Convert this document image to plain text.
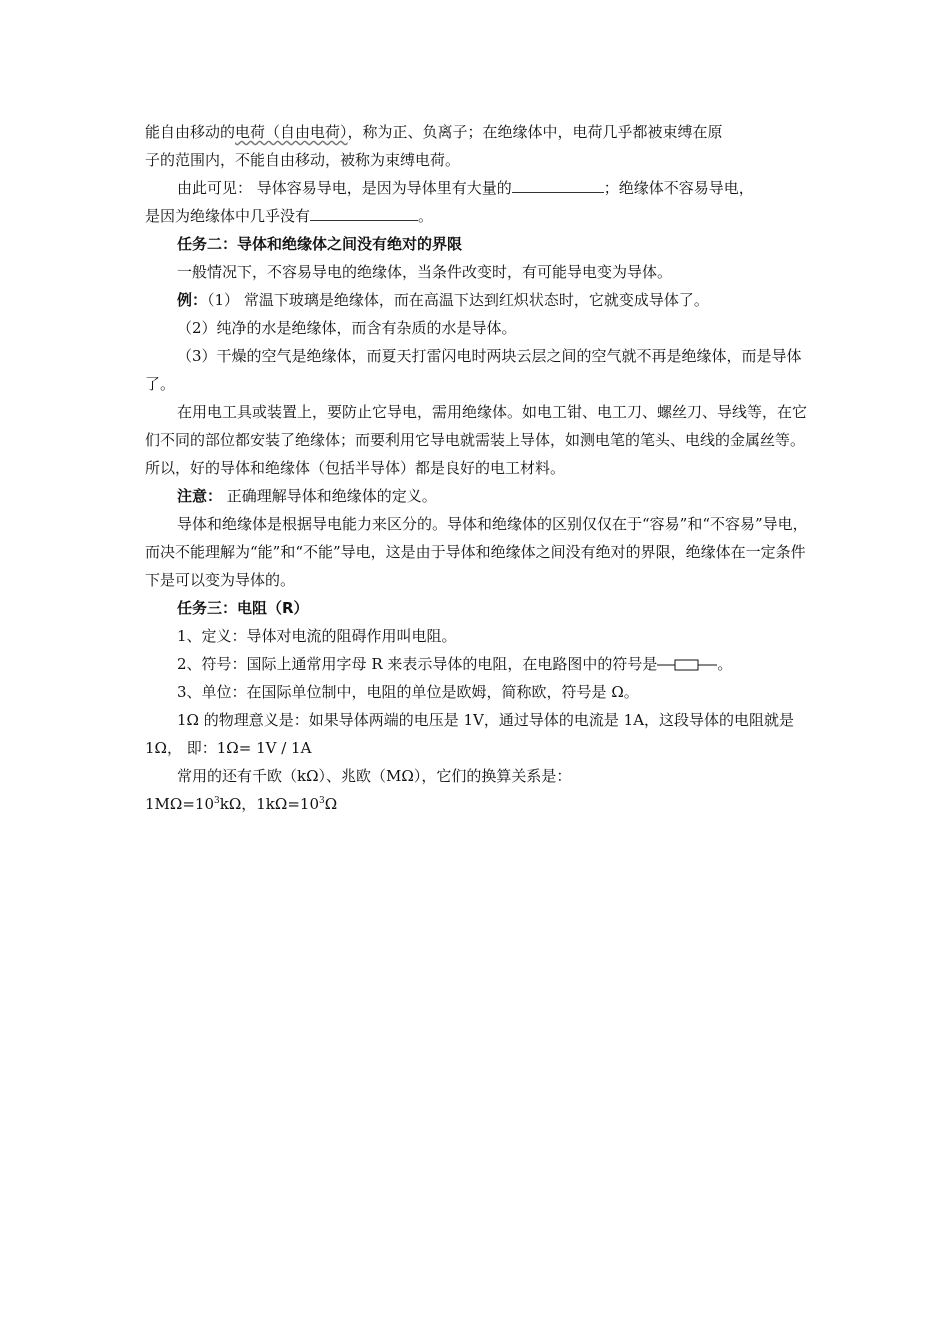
能自由移动的电荷（自由电荷），称为正、负离子；在绝缘体中，电荷几乎都被束缚在原

子的范围内，不能自由移动，被称为束缚电荷。

由此可见： 导体容易导电，是因为导体里有大量的	；绝缘体不容易导电，

是因为绝缘体中几乎没有	。

任务二：导体和绝缘体之间没有绝对的界限

一般情况下，不容易导电的绝缘体，当条件改变时，有可能导电变为导体。

例：（1） 常温下玻璃是绝缘体，而在高温下达到红炽状态时，它就变成导体了。

（2）纯净的水是绝缘体，而含有杂质的水是导体。

（3）干燥的空气是绝缘体，而夏天打雷闪电时两块云层之间的空气就不再是绝缘体，而是导体了。

在用电工具或装置上，要防止它导电，需用绝缘体。如电工钳、电工刀、螺丝刀、导线等，在它们不同的部位都安装了绝缘体；而要利用它导电就需装上导体，如测电笔的笔头、电线的金属丝等。所以，好的导体和绝缘体（包括半导体）都是良好的电工材料。

注意： 正确理解导体和绝缘体的定义。

导体和绝缘体是根据导电能力来区分的。导体和绝缘体的区别仅仅在于“容易”和“不容易”导电，而决不能理解为“能”和“不能”导电，这是由于导体和绝缘体之间没有绝对的界限，绝缘体在一定条件下是可以变为导体的。

任务三：电阻（R）

1、定义：导体对电流的阻碍作用叫电阻。

2、符号：国际上通常用字母 R 来表示导体的电阻，在电路图中的符号是	。

3、单位：在国际单位制中，电阻的单位是欧姆，简称欧，符号是 Ω。

1Ω 的物理意义是：如果导体两端的电压是 1V，通过导体的电流是 1A，这段导体的电阻就是 1Ω， 即：1Ω= 1V / 1A

常用的还有千欧（kΩ）、兆欧（MΩ），它们的换算关系是：

$1M\Omega=10^3k\Omega$，$1k\Omega=10^3\Omega$
